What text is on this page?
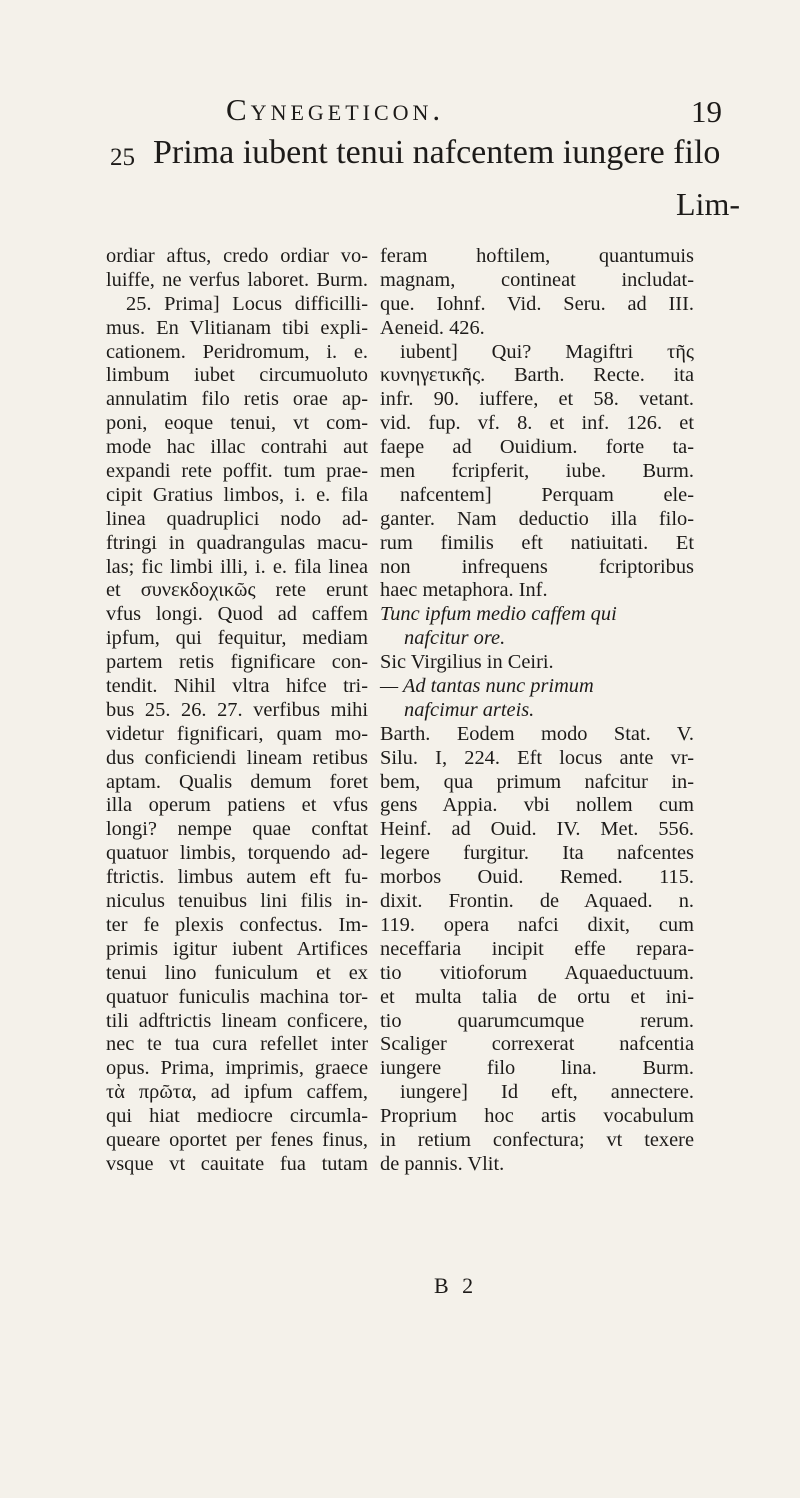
Cynegeticon.	19
25 Prima iubent tenui nafcentem iungere filo
Lim-
ordiar aftus, credo ordiar vo-
luiffe, ne verfus laboret. Burm.
25. Prima] Locus difficilli-
mus. En Vlitianam tibi expli-
cationem. Peridromum, i. e.
limbum iubet circumuoluto
annulatim filo retis orae ap-
poni, eoque tenui, vt com-
mode hac illac contrahi aut
expandi rete poffit. tum prae-
cipit Gratius limbos, i. e. fila
linea quadruplici nodo ad-
ftringi in quadrangulas macu-
las; fic limbi illi, i. e. fila linea
et συνεκδοχικῶς rete erunt
vfus longi. Quod ad caffem
ipfum, qui fequitur, mediam
partem retis fignificare con-
tendit. Nihil vltra hifce tri-
bus 25. 26. 27. verfibus mihi
videtur fignificari, quam mo-
dus conficiendi lineam retibus
aptam. Qualis demum foret
illa operum patiens et vfus
longi? nempe quae conftat
quatuor limbis, torquendo ad-
ftrictis. limbus autem eft fu-
niculus tenuibus lini filis in-
ter fe plexis confectus. Im-
primis igitur iubent Artifices
tenui lino funiculum et ex
quatuor funiculis machina tor-
tili adftrictis lineam conficere,
nec te tua cura refellet inter
opus. Prima, imprimis, graece
τὰ πρῶτα, ad ipfum caffem,
qui hiat mediocre circumla-
queare oportet per fenes finus,
vsque vt cauitate fua tutam
feram hoftilem, quantumuis
magnam, contineat includat-
que. Iohnf. Vid. Seru. ad III.
Aeneid. 426.
iubent] Qui? Magiftri τῆς
κυνηγετικῆς. Barth. Recte. ita
infr. 90. iuffere, et 58. vetant.
vid. fup. vf. 8. et inf. 126. et
faepe ad Ouidium. forte ta-
men fcripferit, iube. Burm.
nafcentem] Perquam ele-
ganter. Nam deductio illa filo-
rum fimilis eft natiuitati. Et
non infrequens fcriptoribus
haec metaphora. Inf.
Tunc ipfum medio caffem qui
nafcitur ore.
Sic Virgilius in Ceiri.
— Ad tantas nunc primum
nafcimur arteis.
Barth. Eodem modo Stat. V.
Silu. I, 224. Eft locus ante vr-
bem, qua primum nafcitur in-
gens Appia. vbi nollem cum
Heinf. ad Ouid. IV. Met. 556.
legere furgitur. Ita nafcentes
morbos Ouid. Remed. 115.
dixit. Frontin. de Aquaed. n.
119. opera nafci dixit, cum
neceffaria incipit effe repara-
tio vitioforum Aquaeductuum.
et multa talia de ortu et ini-
tio quarumcumque rerum.
Scaliger correxerat nafcentia
iungere filo lina. Burm.
iungere] Id eft, annectere.
Proprium hoc artis vocabulum
in retium confectura; vt texere
de pannis. Vlit.
B 2
